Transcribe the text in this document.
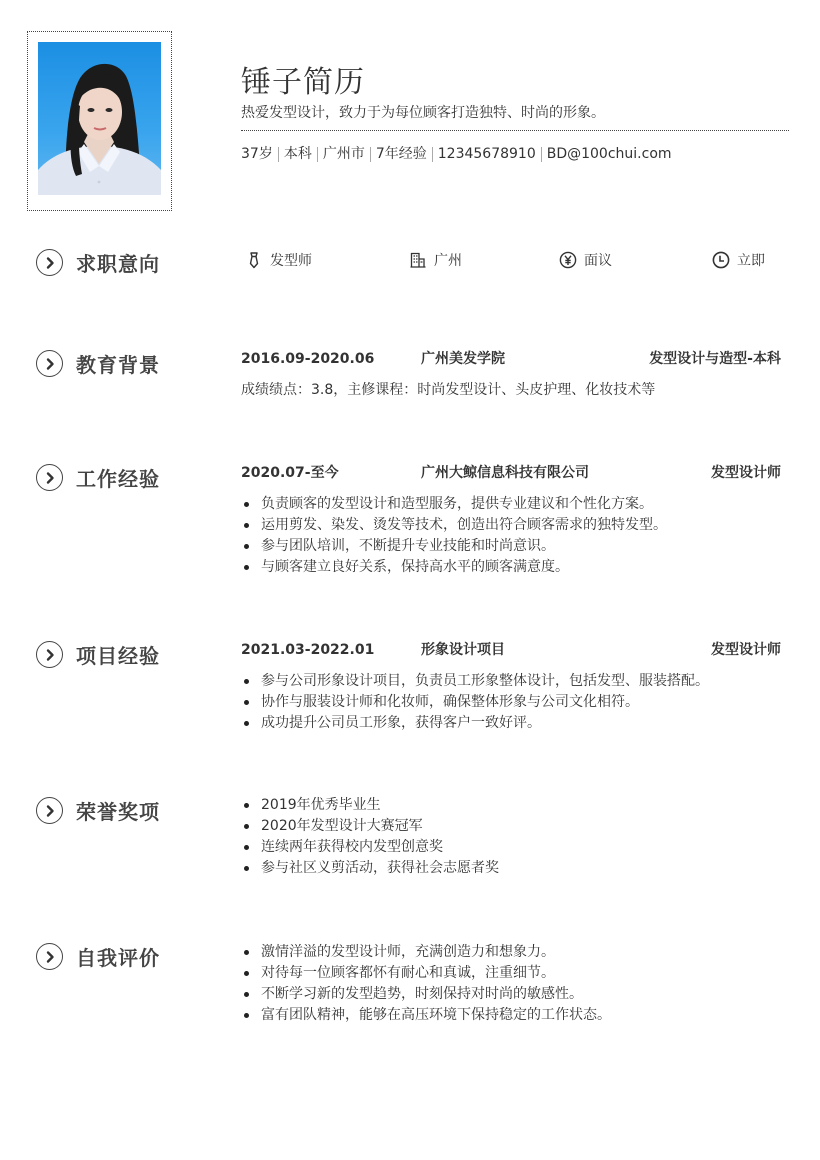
锤子简历
热爱发型设计，致力于为每位顾客打造独特、时尚的形象。
37岁 本科 广州市 7年经验 12345678910 BD@100chui.com
求职意向	发型师	广州	面议	立即
教育背景	2016.09-2020.06	广州美发学院	发型设计与造型-本科
成绩绩点：3.8，主修课程：时尚发型设计、头皮护理、化妆技术等
工作经验	2020.07-至今	广州大鲸信息科技有限公司	发型设计师
负责顾客的发型设计和造型服务，提供专业建议和个性化方案。
运用剪发、染发、烫发等技术，创造出符合顾客需求的独特发型。
参与团队培训，不断提升专业技能和时尚意识。
与顾客建立良好关系，保持高水平的顾客满意度。
项目经验	2021.03-2022.01	形象设计项目	发型设计师
参与公司形象设计项目，负责员工形象整体设计，包括发型、服装搭配。
协作与服装设计师和化妆师，确保整体形象与公司文化相符。
成功提升公司员工形象，获得客户一致好评。
荣誉奖项	2019年优秀毕业生
2020年发型设计大赛冠军
连续两年获得校内发型创意奖
参与社区义剪活动，获得社会志愿者奖
自我评价	激情洋溢的发型设计师，充满创造力和想象力。
对待每一位顾客都怀有耐心和真诚，注重细节。
不断学习新的发型趋势，时刻保持对时尚的敏感性。
富有团队精神，能够在高压环境下保持稳定的工作状态。
